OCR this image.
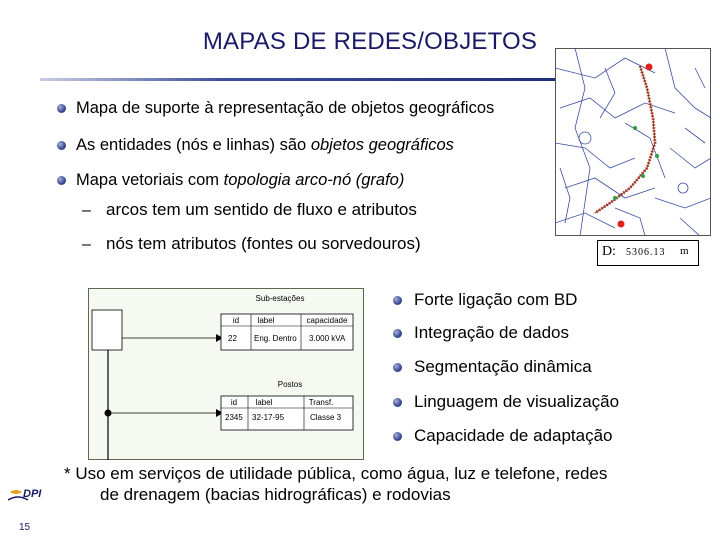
MAPAS DE REDES/OBJETOS
Mapa de suporte à representação de objetos geográficos
As entidades (nós e linhas) são objetos geográficos
Mapa vetoriais com topologia arco-nó (grafo)
– arcos tem um sentido de fluxo e atributos
– nós tem atributos (fontes ou sorvedouros)	D: 5306.13 m
Sub-estações
id label	capacidade
22 Eng. Dentro 3.000 kVA
Postos
id label	Transf.
2345 32-17-95	Classe 3
Forte ligação com BD
Integração de dados
Segmentação dinâmica
Linguagem de visualização
Capacidade de adaptação
* Uso em serviços de utilidade pública, como água, luz e telefone, redes
de drenagem (bacias hidrográficas) e rodovias
DPI
15
